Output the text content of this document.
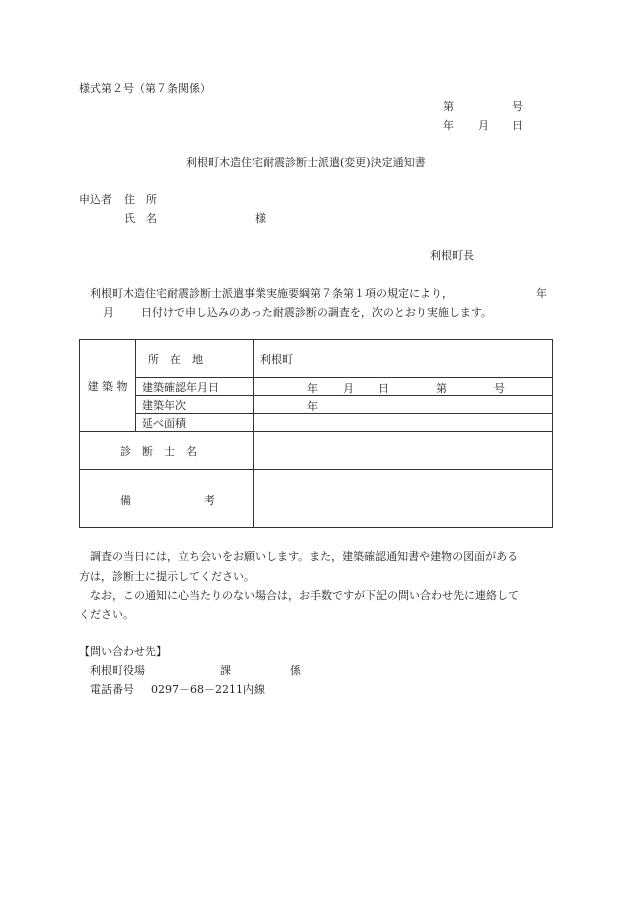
様式第２号（第７条関係）
第	号
年 月 日
利根町木造住宅耐震診断士派遣(変更)決定通知書
申込者 住　所
氏　名	様
利根町長
利根町木造住宅耐震診断士派遣事業実施要綱第７条第１項の規定により，	年
月 日付けで申し込みのあった耐震診断の調査を，次のとおり実施します。
建 築 物	所　在　地	利根町
	建築確認年月日	年 月 日 第 号

	建築年次	年

	延べ面積	
診　断　士　名		

備 考		

調査の当日には，立ち会いをお願いします。また，建築確認通知書や建物の図面がある
方は，診断士に提示してください。
なお，この通知に心当たりのない場合は，お手数ですが下記の問い合わせ先に連絡して
ください。
【問い合わせ先】
利根町役場	課	係
電話番号 0297－68－2211 内線
